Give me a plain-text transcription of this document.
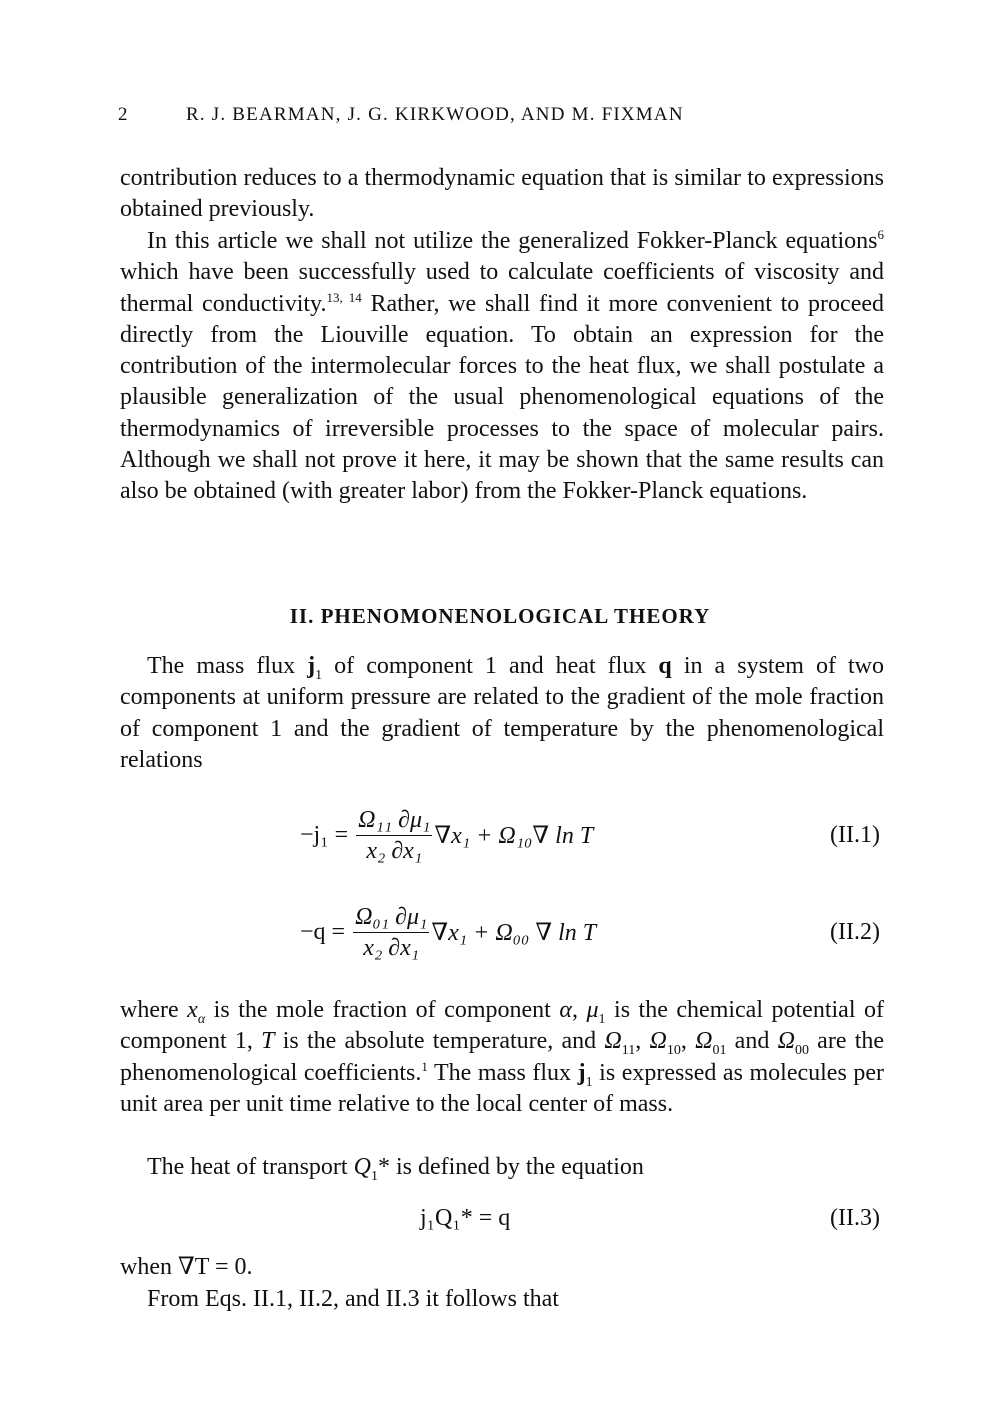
2	R. J. BEARMAN, J. G. KIRKWOOD, AND M. FIXMAN
contribution reduces to a thermodynamic equation that is similar to expressions obtained previously.
In this article we shall not utilize the generalized Fokker-Planck equations$^6$ which have been successfully used to calculate coefficients of viscosity and thermal conductivity.$^{13, 14}$ Rather, we shall find it more convenient to proceed directly from the Liouville equation. To obtain an expression for the contribution of the intermolecular forces to the heat flux, we shall postulate a plausible generalization of the usual phenomenological equations of the thermodynamics of irreversible processes to the space of molecular pairs. Although we shall not prove it here, it may be shown that the same results can also be obtained (with greater labor) from the Fokker-Planck equations.
II. PHENOMONENOLOGICAL THEORY
The mass flux $j_1$ of component 1 and heat flux q in a system of two components at uniform pressure are related to the gradient of the mole fraction of component 1 and the gradient of temperature by the phenomenological relations
−j₁ =
$\frac{\text{Ω₁₁ ∂μ₁}}{\text{x₂ ∂x₁}} \nabla x_1 + \Omega_{10}\nabla$ ln T	(II.1)
−q =
$\frac{\text{Ω₀₁ ∂μ₁}}{\text{x₂ ∂x₁}} \nabla x_1 + \Omega_{00}$ ∇ ln T	(II.2)
where $x_\alpha$ is the mole fraction of component α, $\mu_1$ is the chemical potential of component 1, T is the absolute temperature, and $\Omega_{11}$, $\Omega_{10}$, $\Omega_{01}$ and $\Omega_{00}$ are the phenomenological coefficients.$^1$ The mass flux $j_1$ is expressed as molecules per unit area per unit time relative to the local center of mass.
The heat of transport $Q_1*$ is defined by the equation
j₁Q₁* = q	(II.3)
when ∇T = 0.
From Eqs. II.1, II.2, and II.3 it follows that
